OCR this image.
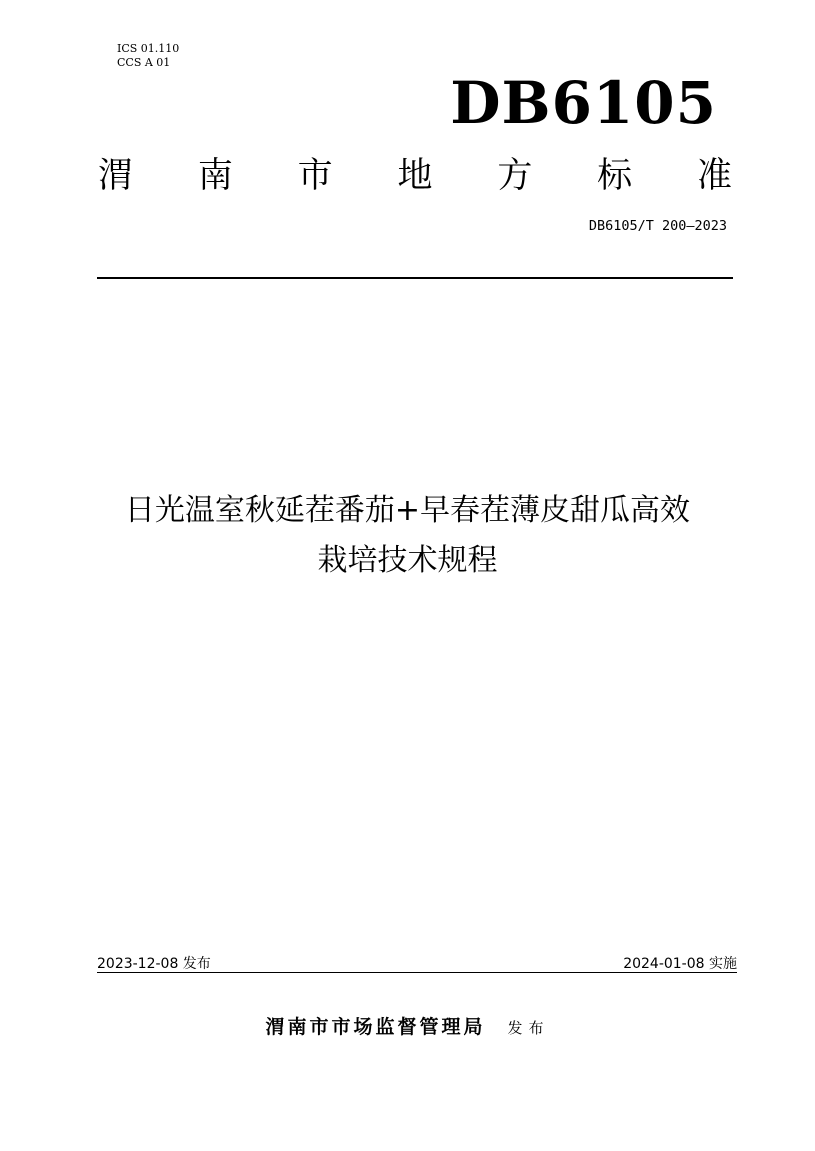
ICS 01.110
CCS A 01
DB6105
渭 南 市 地 方 标 准
DB6105/T 200—2023
日光温室秋延茬番茄+早春茬薄皮甜瓜高效
栽培技术规程
2023-12-08 发布	2024-01-08 实施
渭南市市场监督管理局 发布
